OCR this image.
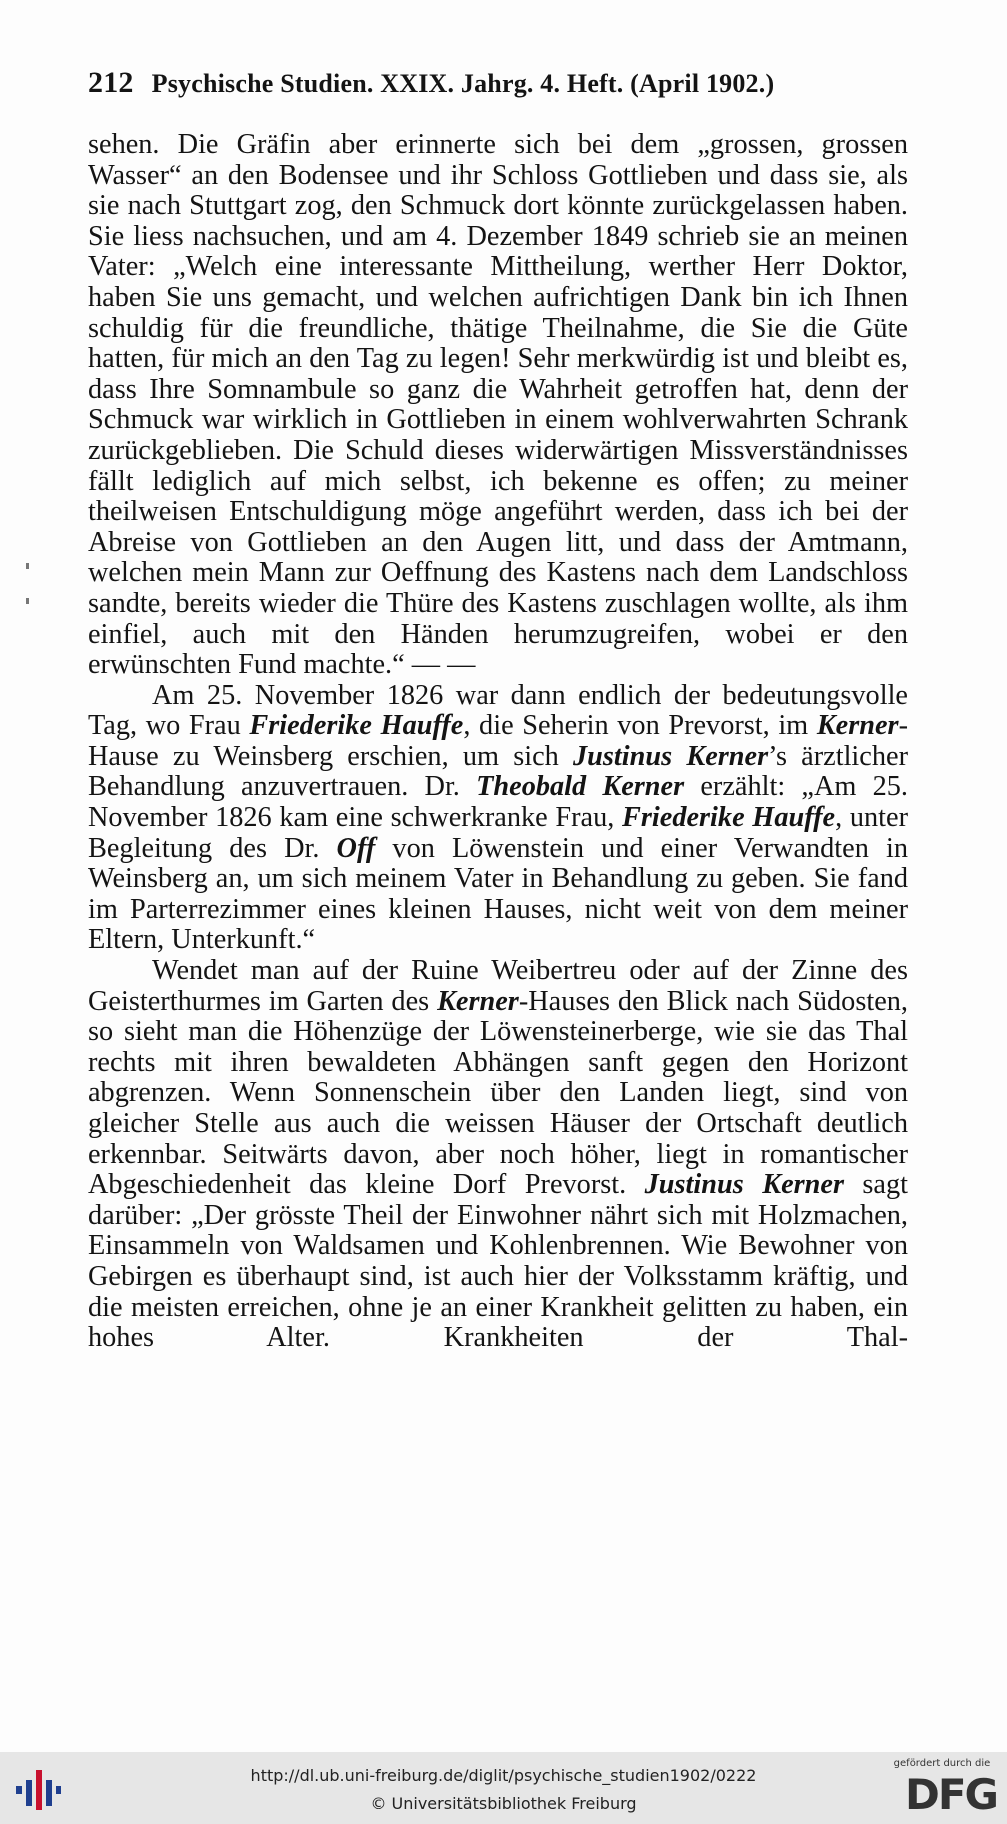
212 Psychische Studien. XXIX. Jahrg. 4. Heft. (April 1902.)

sehen. Die Gräfin aber erinnerte sich bei dem „grossen, grossen Wasser“ an den Bodensee und ihr Schloss Gottlieben und dass sie, als sie nach Stuttgart zog, den Schmuck dort könnte zurückgelassen haben. Sie liess nachsuchen, und am 4. Dezember 1849 schrieb sie an meinen Vater: „Welch eine interessante Mittheilung, werther Herr Doktor, haben Sie uns gemacht, und welchen aufrichtigen Dank bin ich Ihnen schuldig für die freundliche, thätige Theilnahme, die Sie die Güte hatten, für mich an den Tag zu legen! Sehr merkwürdig ist und bleibt es, dass Ihre Somnambule so ganz die Wahrheit getroffen hat, denn der Schmuck war wirklich in Gottlieben in einem wohlverwahrten Schrank zurückgeblieben. Die Schuld dieses widerwärtigen Missverständnisses fällt lediglich auf mich selbst, ich bekenne es offen; zu meiner theilweisen Entschuldigung möge angeführt werden, dass ich bei der Abreise von Gottlieben an den Augen litt, und dass der Amtmann, welchen mein Mann zur Oeffnung des Kastens nach dem Landschloss sandte, bereits wieder die Thüre des Kastens zuschlagen wollte, als ihm einfiel, auch mit den Händen herumzugreifen, wobei er den erwünschten Fund machte.“ — —

Am 25. November 1826 war dann endlich der bedeutungsvolle Tag, wo Frau Friederike Hauffe, die Seherin von Prevorst, im Kerner-Hause zu Weinsberg erschien, um sich Justinus Kerner’s ärztlicher Behandlung anzuvertrauen. Dr. Theobald Kerner erzählt: „Am 25. November 1826 kam eine schwerkranke Frau, Friederike Hauffe, unter Begleitung des Dr. Off von Löwenstein und einer Verwandten in Weinsberg an, um sich meinem Vater in Behandlung zu geben. Sie fand im Parterrezimmer eines kleinen Hauses, nicht weit von dem meiner Eltern, Unterkunft.“

Wendet man auf der Ruine Weibertreu oder auf der Zinne des Geisterthurmes im Garten des Kerner-Hauses den Blick nach Südosten, so sieht man die Höhenzüge der Löwensteinerberge, wie sie das Thal rechts mit ihren bewaldeten Abhängen sanft gegen den Horizont abgrenzen. Wenn Sonnenschein über den Landen liegt, sind von gleicher Stelle aus auch die weissen Häuser der Ortschaft deutlich erkennbar. Seitwärts davon, aber noch höher, liegt in romantischer Abgeschiedenheit das kleine Dorf Prevorst. Justinus Kerner sagt darüber: „Der grösste Theil der Einwohner nährt sich mit Holzmachen, Einsammeln von Waldsamen und Kohlenbrennen. Wie Bewohner von Gebirgen es überhaupt sind, ist auch hier der Volksstamm kräftig, und die meisten erreichen, ohne je an einer Krankheit gelitten zu haben, ein hohes Alter. Krankheiten der Thal-

http://dl.ub.uni-freiburg.de/diglit/psychische_studien1902/0222
© Universitätsbibliothek Freiburg
gefördert durch die
DFG
